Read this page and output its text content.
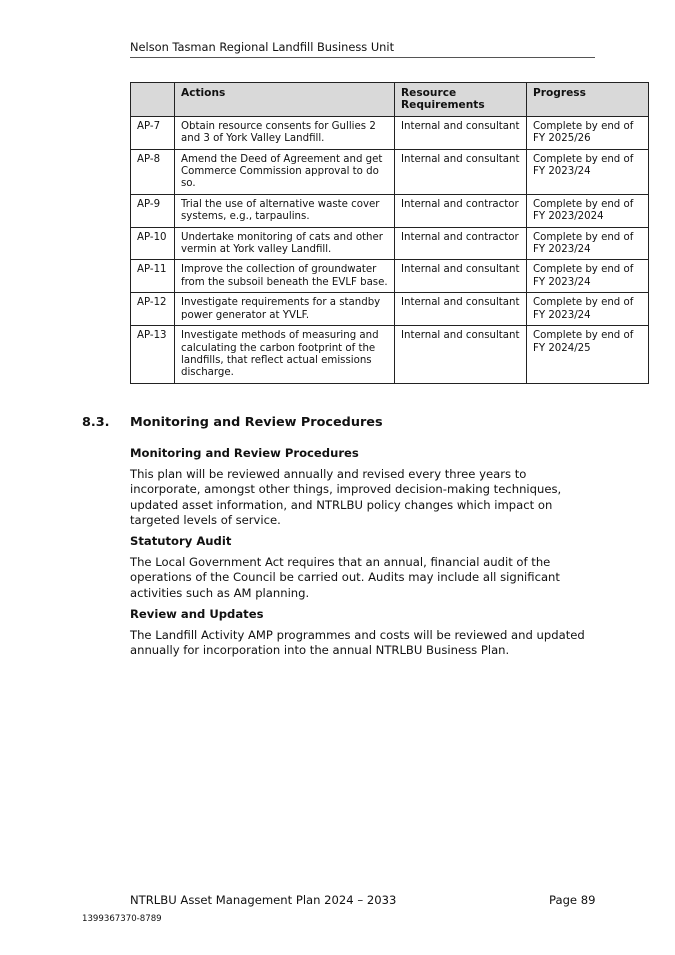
Nelson Tasman Regional Landfill Business Unit
	Actions	Resource Requirements	Progress
AP-7	Obtain resource consents for Gullies 2 and 3 of York Valley Landfill.	Internal and consultant	Complete by end of FY 2025/26
AP-8	Amend the Deed of Agreement and get Commerce Commission approval to do so.	Internal and consultant	Complete by end of FY 2023/24
AP-9	Trial the use of alternative waste cover systems, e.g., tarpaulins.	Internal and contractor	Complete by end of FY 2023/2024
AP-10	Undertake monitoring of cats and other vermin at York valley Landfill.	Internal and contractor	Complete by end of FY 2023/24
AP-11	Improve the collection of groundwater from the subsoil beneath the EVLF base.	Internal and consultant	Complete by end of FY 2023/24
AP-12	Investigate requirements for a standby power generator at YVLF.	Internal and consultant	Complete by end of FY 2023/24
AP-13	Investigate methods of measuring and calculating the carbon footprint of the landfills, that reflect actual emissions discharge.	Internal and consultant	Complete by end of FY 2024/25
8.3. Monitoring and Review Procedures

Monitoring and Review Procedures

This plan will be reviewed annually and revised every three years to incorporate, amongst other things, improved decision-making techniques, updated asset information, and NTRLBU policy changes which impact on targeted levels of service.

Statutory Audit

The Local Government Act requires that an annual, financial audit of the operations of the Council be carried out. Audits may include all significant activities such as AM planning.

Review and Updates

The Landfill Activity AMP programmes and costs will be reviewed and updated annually for incorporation into the annual NTRLBU Business Plan.

NTRLBU Asset Management Plan 2024 – 2033	Page 89
1399367370-8789
